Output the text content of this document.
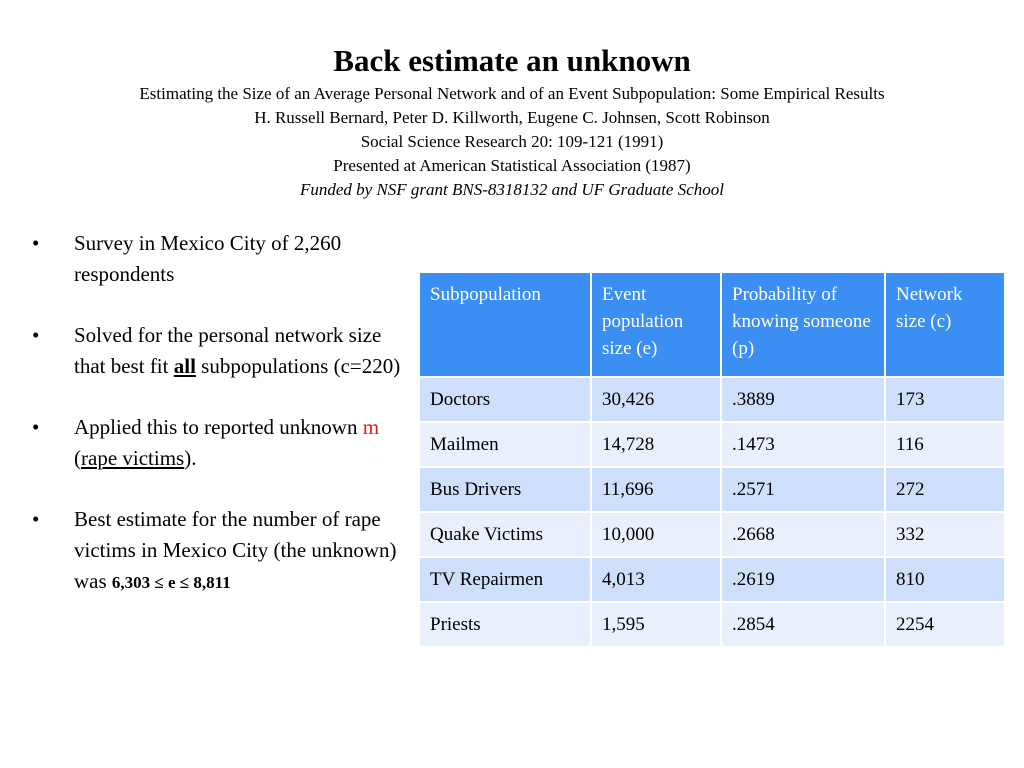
Back estimate an unknown
Estimating the Size of an Average Personal Network and of an Event Subpopulation: Some Empirical Results
H. Russell Bernard, Peter D. Killworth, Eugene C. Johnsen, Scott Robinson
Social Science Research 20: 109-121 (1991)
Presented at American Statistical Association (1987)
Funded by NSF grant BNS-8318132 and UF Graduate School
• Survey in Mexico City of 2,260 respondents
• Solved for the personal network size that best fit all subpopulations (c=220)
• Applied this to reported unknown m (rape victims).
• Best estimate for the number of rape victims in Mexico City (the unknown) was 6,303 ≤ e ≤ 8,811
Subpopulation	Event population size (e)	Probability of knowing someone (p)	Network size (c)
Doctors	30,426	.3889	173
Mailmen	14,728	.1473	116
Bus Drivers	11,696	.2571	272
Quake Victims	10,000	.2668	332
TV Repairmen	4,013	.2619	810
Priests	1,595	.2854	2254
